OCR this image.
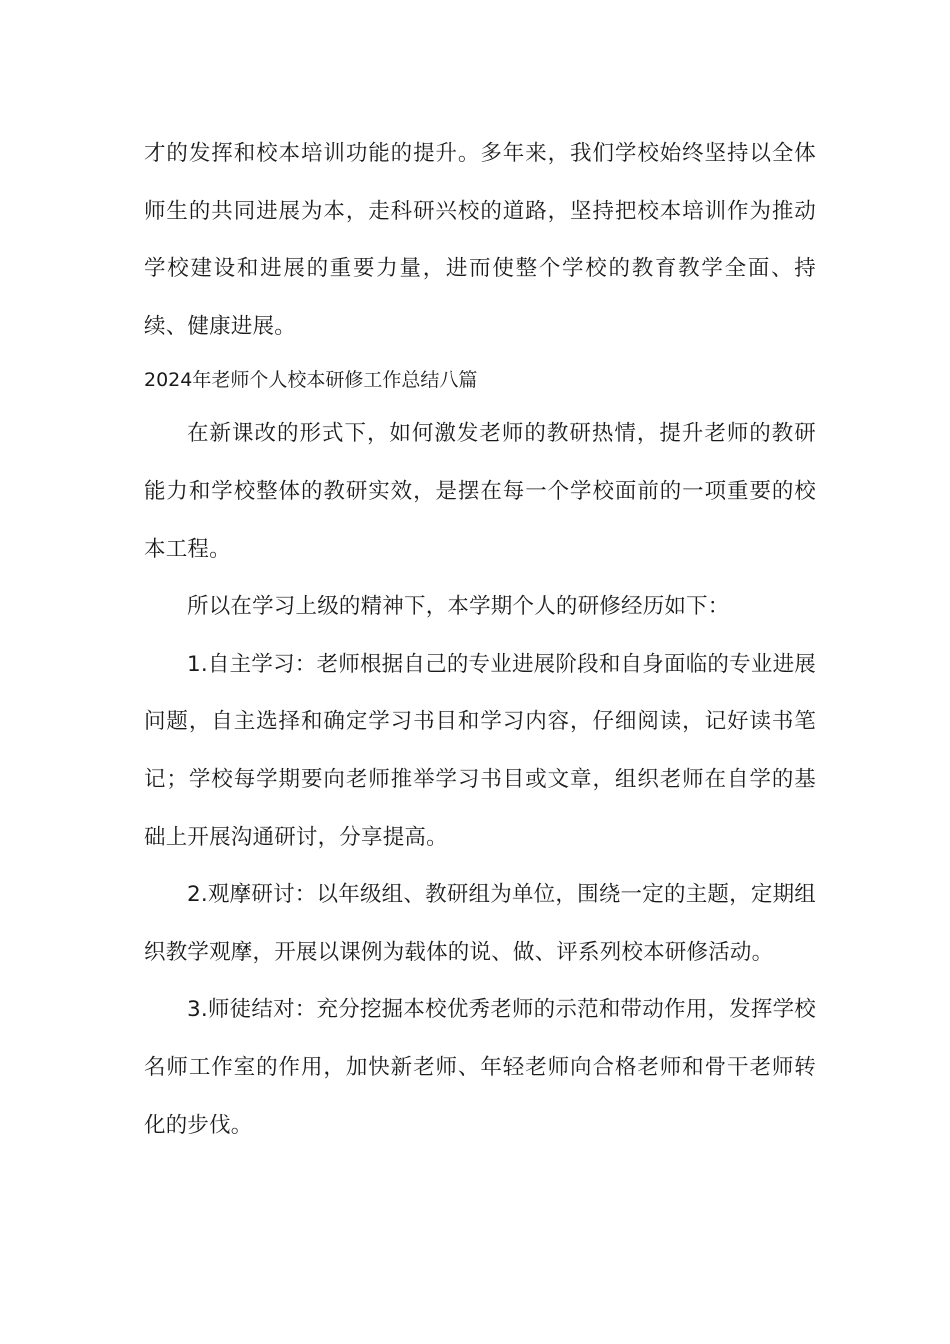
才的发挥和校本培训功能的提升。多年来，我们学校始终坚持以全体师生的共同进展为本，走科研兴校的道路，坚持把校本培训作为推动学校建设和进展的重要力量，进而使整个学校的教育教学全面、持续、健康进展。

2024年老师个人校本研修工作总结八篇

在新课改的形式下，如何激发老师的教研热情，提升老师的教研能力和学校整体的教研实效，是摆在每一个学校面前的一项重要的校本工程。

所以在学习上级的精神下，本学期个人的研修经历如下：

1.自主学习：老师根据自己的专业进展阶段和自身面临的专业进展问题，自主选择和确定学习书目和学习内容，仔细阅读，记好读书笔记；学校每学期要向老师推举学习书目或文章，组织老师在自学的基础上开展沟通研讨，分享提高。

2.观摩研讨：以年级组、教研组为单位，围绕一定的主题，定期组织教学观摩，开展以课例为载体的说、做、评系列校本研修活动。

3.师徒结对：充分挖掘本校优秀老师的示范和带动作用，发挥学校名师工作室的作用，加快新老师、年轻老师向合格老师和骨干老师转化的步伐。
